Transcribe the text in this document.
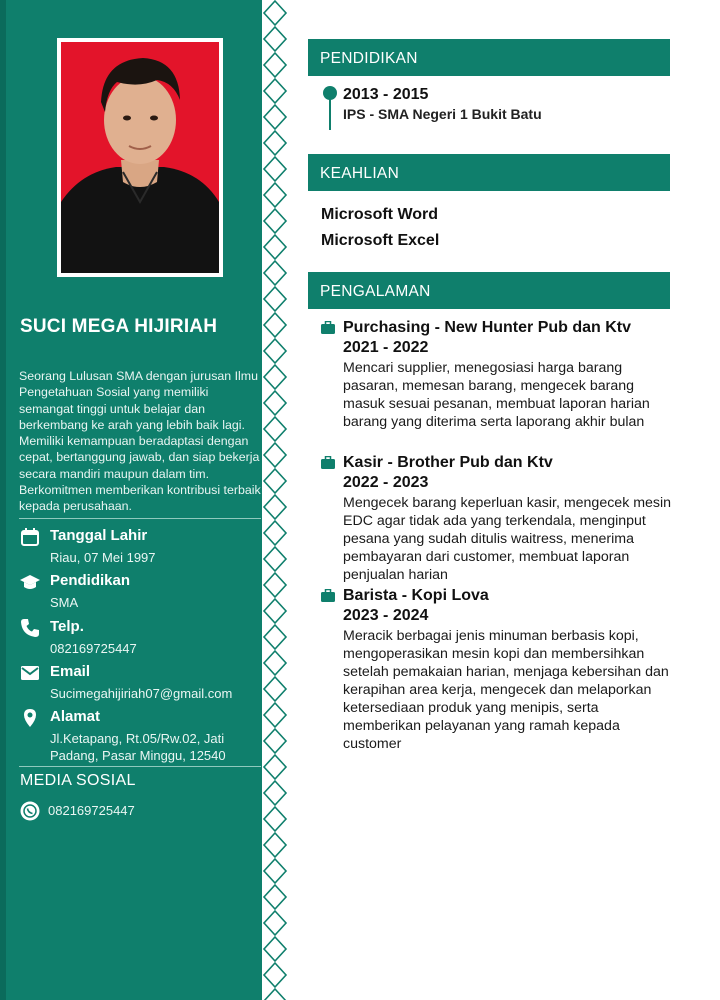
SUCI MEGA HIJIRIAH
Seorang Lulusan SMA dengan jurusan Ilmu Pengetahuan Sosial yang memiliki semangat tinggi untuk belajar dan berkembang ke arah yang lebih baik lagi. Memiliki kemampuan beradaptasi dengan cepat, bertanggung jawab, dan siap bekerja secara mandiri maupun dalam tim. Berkomitmen memberikan kontribusi terbaik kepada perusahaan.
Tanggal Lahir
Riau, 07 Mei 1997
Pendidikan
SMA
Telp.
082169725447
Email
Sucimegahijiriah07@gmail.com
Alamat
Jl.Ketapang, Rt.05/Rw.02, Jati Padang, Pasar Minggu, 12540
MEDIA SOSIAL
082169725447
PENDIDIKAN
2013 - 2015
IPS - SMA Negeri 1 Bukit Batu
KEAHLIAN
Microsoft Word
Microsoft Excel
PENGALAMAN
Purchasing - New Hunter Pub dan Ktv
2021 - 2022
Mencari supplier, menegosiasi harga barang pasaran, memesan barang, mengecek barang masuk sesuai pesanan, membuat laporan harian barang yang diterima serta laporang akhir bulan
Kasir - Brother Pub dan Ktv
2022 - 2023
Mengecek barang keperluan kasir, mengecek mesin EDC agar tidak ada yang terkendala, menginput pesana yang sudah ditulis waitress, menerima pembayaran dari customer, membuat laporan penjualan harian
Barista - Kopi Lova
2023 - 2024
Meracik berbagai jenis minuman berbasis kopi, mengoperasikan mesin kopi dan membersihkan setelah pemakaian harian, menjaga kebersihan dan kerapihan area kerja, mengecek dan melaporkan ketersediaan produk yang menipis, serta memberikan pelayanan yang ramah kepada customer
